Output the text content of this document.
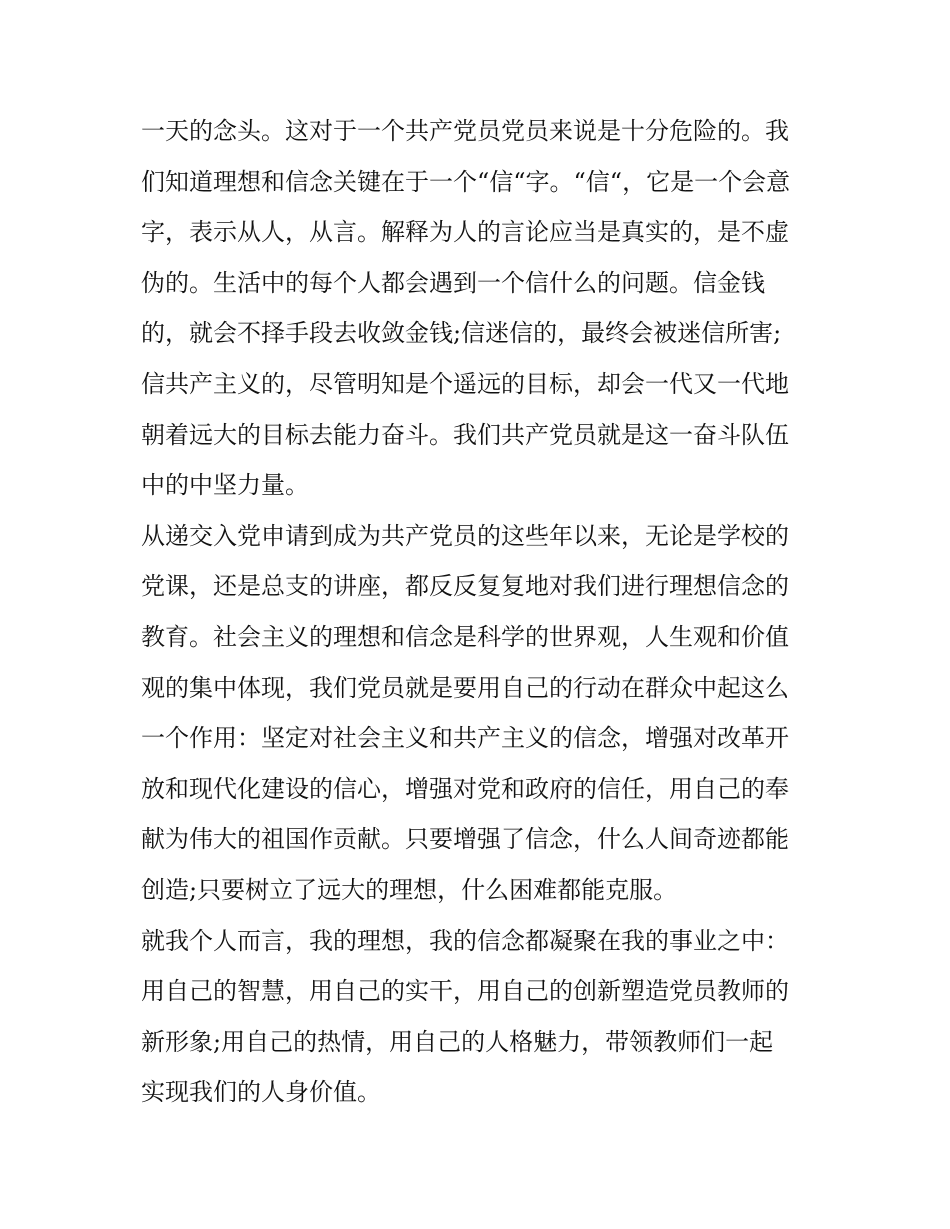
一天的念头。这对于一个共产党员党员来说是十分危险的。我
们知道理想和信念关键在于一个“信“字。“信“，它是一个会意
字，表示从人，从言。解释为人的言论应当是真实的，是不虚
伪的。生活中的每个人都会遇到一个信什么的问题。信金钱
的，就会不择手段去收敛金钱;信迷信的，最终会被迷信所害;
信共产主义的，尽管明知是个遥远的目标，却会一代又一代地
朝着远大的目标去能力奋斗。我们共产党员就是这一奋斗队伍
中的中坚力量。
从递交入党申请到成为共产党员的这些年以来，无论是学校的
党课，还是总支的讲座，都反反复复地对我们进行理想信念的
教育。社会主义的理想和信念是科学的世界观，人生观和价值
观的集中体现，我们党员就是要用自己的行动在群众中起这么
一个作用：坚定对社会主义和共产主义的信念，增强对改革开
放和现代化建设的信心，增强对党和政府的信任，用自己的奉
献为伟大的祖国作贡献。只要增强了信念，什么人间奇迹都能
创造;只要树立了远大的理想，什么困难都能克服。
就我个人而言，我的理想，我的信念都凝聚在我的事业之中：
用自己的智慧，用自己的实干，用自己的创新塑造党员教师的
新形象;用自己的热情，用自己的人格魅力，带领教师们一起
实现我们的人身价值。
